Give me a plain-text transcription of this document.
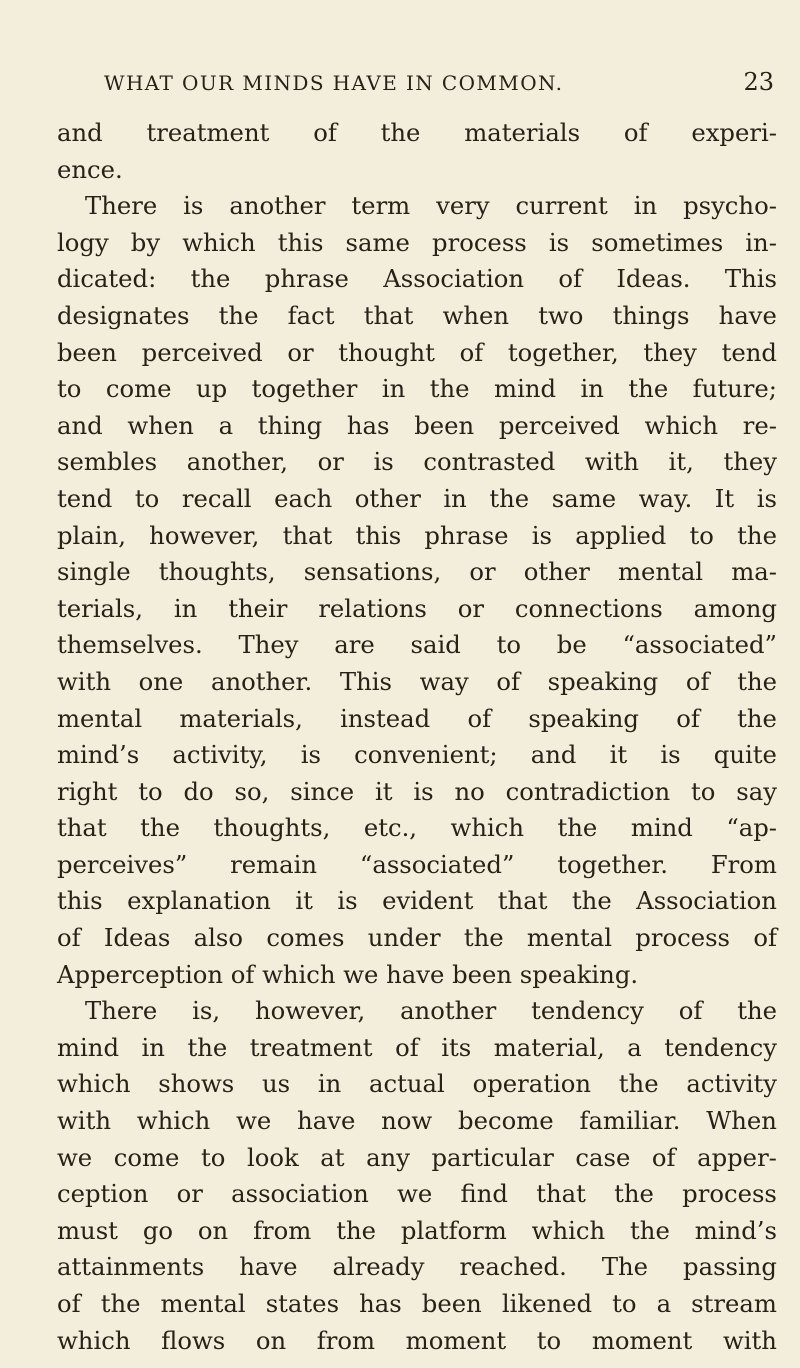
WHAT OUR MINDS HAVE IN COMMON.	23
and treatment of the materials of experi-
ence.
There is another term very current in psycho-
logy by which this same process is sometimes in-
dicated: the phrase Association of Ideas. This
designates the fact that when two things have
been perceived or thought of together, they tend
to come up together in the mind in the future;
and when a thing has been perceived which re-
sembles another, or is contrasted with it, they
tend to recall each other in the same way. It is
plain, however, that this phrase is applied to the
single thoughts, sensations, or other mental ma-
terials, in their relations or connections among
themselves. They are said to be “associated”
with one another. This way of speaking of the
mental materials, instead of speaking of the
mind’s activity, is convenient; and it is quite
right to do so, since it is no contradiction to say
that the thoughts, etc., which the mind “ap-
perceives” remain “associated” together. From
this explanation it is evident that the Association
of Ideas also comes under the mental process of
Apperception of which we have been speaking.
There is, however, another tendency of the
mind in the treatment of its material, a tendency
which shows us in actual operation the activity
with which we have now become familiar. When
we come to look at any particular case of apper-
ception or association we find that the process
must go on from the platform which the mind’s
attainments have already reached. The passing
of the mental states has been likened to a stream
which flows on from moment to moment with
